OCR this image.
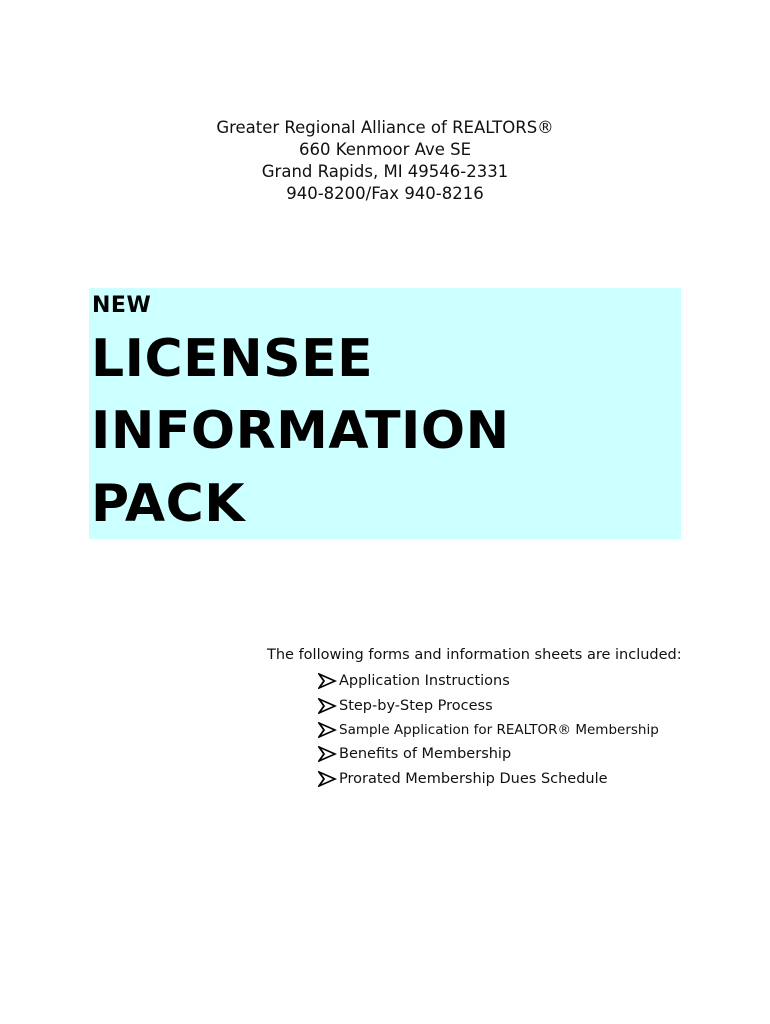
Greater Regional Alliance of REALTORS®
660 Kenmoor Ave SE
Grand Rapids, MI 49546-2331
940-8200/Fax 940-8216
NEW
LICENSEE
INFORMATION
PACK
The following forms and information sheets are included:
Application Instructions
Step-by-Step Process
Sample Application for REALTOR® Membership
Benefits of Membership
Prorated Membership Dues Schedule
